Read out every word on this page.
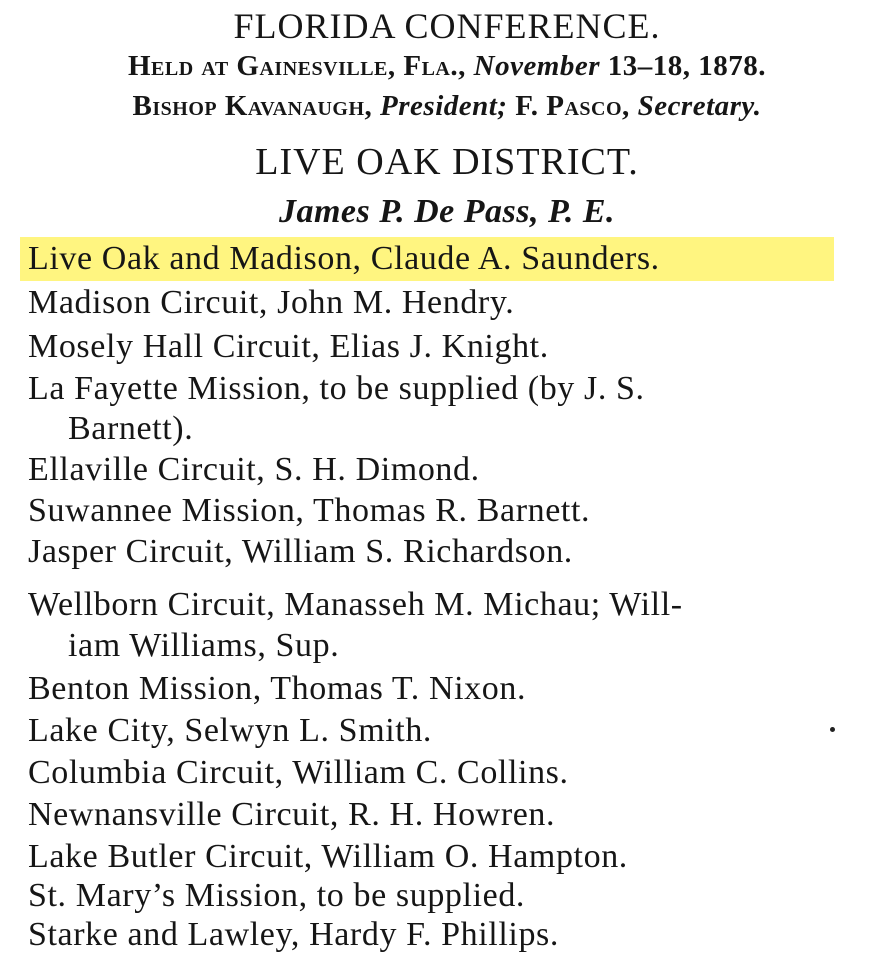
FLORIDA CONFERENCE.
Held at Gainesville, Fla., November 13–18, 1878.
Bishop Kavanaugh, President; F. Pasco, Secretary.
LIVE OAK DISTRICT.
James P. De Pass, P. E.
Live Oak and Madison, Claude A. Saunders.
Madison Circuit, John M. Hendry.
Mosely Hall Circuit, Elias J. Knight.
La Fayette Mission, to be supplied (by J. S.
Barnett).
Ellaville Circuit, S. H. Dimond.
Suwannee Mission, Thomas R. Barnett.
Jasper Circuit, William S. Richardson.
Wellborn Circuit, Manasseh M. Michau; Will-
iam Williams, Sup.
Benton Mission, Thomas T. Nixon.
Lake City, Selwyn L. Smith.
Columbia Circuit, William C. Collins.
Newnansville Circuit, R. H. Howren.
Lake Butler Circuit, William O. Hampton.
St. Mary’s Mission, to be supplied.
Starke and Lawley, Hardy F. Phillips.
